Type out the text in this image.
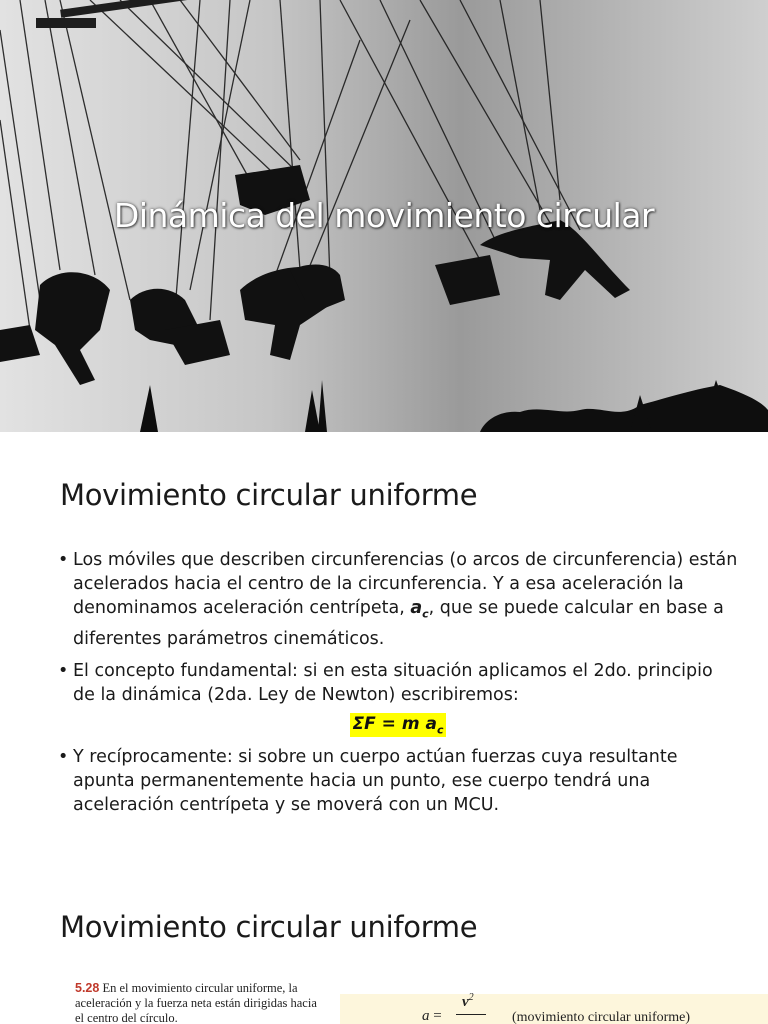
Dinámica del movimiento circular
Movimiento circular uniforme
• Los móviles que describen circunferencias (o arcos de circunferencia) están acelerados hacia el centro de la circunferencia. Y a esa aceleración la denominamos aceleración centrípeta, $a_c$, que se puede calcular en base a diferentes parámetros cinemáticos.
• El concepto fundamental: si en esta situación aplicamos el 2do. principio de la dinámica (2da. Ley de Newton) escribiremos:
ΣF = m $a_c$
• Y recíprocamente: si sobre un cuerpo actúan fuerzas cuya resultante apunta permanentemente hacia un punto, ese cuerpo tendrá una aceleración centrípeta y se moverá con un MCU.
Movimiento circular uniforme
5.28 En el movimiento circular uniforme, la aceleración y la fuerza neta están dirigidas hacia el centro del círculo.	a =
$v^2$
(movimiento circular uniforme)
